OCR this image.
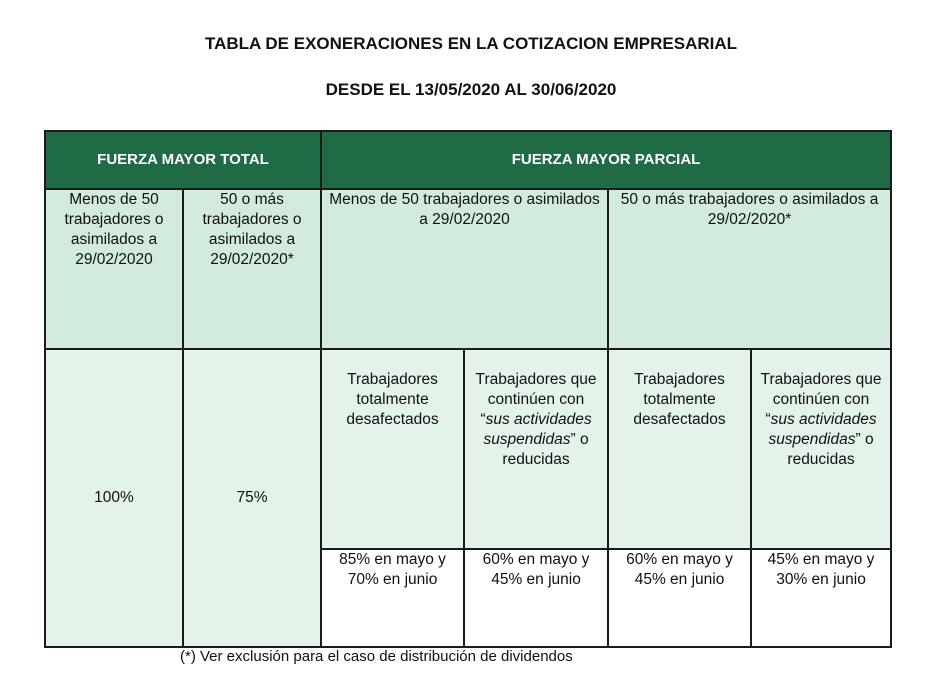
TABLA DE EXONERACIONES EN LA COTIZACION EMPRESARIAL
DESDE EL 13/05/2020 AL 30/06/2020
FUERZA MAYOR TOTAL		FUERZA MAYOR PARCIAL			
Menos de 50 trabajadores o asimilados a 29/02/2020	50 o más trabajadores o asimilados a 29/02/2020*	Menos de 50 trabajadores o asimilados a 29/02/2020		50 o más trabajadores o asimilados a 29/02/2020*	
100%	75%	Trabajadores totalmente desafectados	Trabajadores que continúen con “sus actividades suspendidas” o reducidas	Trabajadores totalmente desafectados	Trabajadores que continúen con “sus actividades suspendidas” o reducidas
		85% en mayo y 70% en junio	60% en mayo y 45% en junio	60% en mayo y 45% en junio	45% en mayo y 30% en junio
(*) Ver exclusión para el caso de distribución de dividendos
